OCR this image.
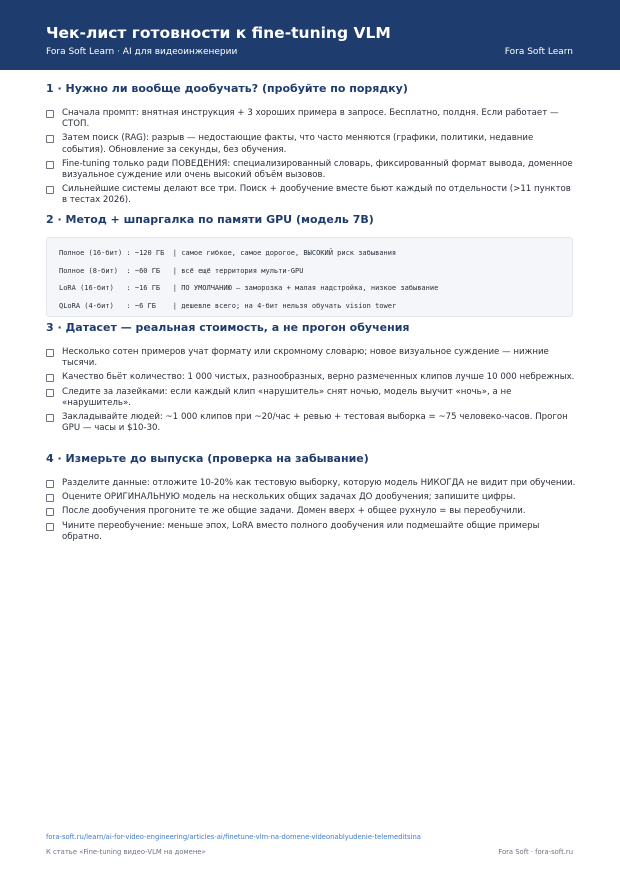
Чек-лист готовности к fine-tuning VLM
Fora Soft Learn · AI для видеоинженерии	Fora Soft Learn
1 · Нужно ли вообще дообучать? (пробуйте по порядку)
Сначала промпт: внятная инструкция + 3 хороших примера в запросе. Бесплатно, полдня. Если работает — СТОП.
Затем поиск (RAG): разрыв — недостающие факты, что часто меняются (графики, политики, недавние события). Обновление за секунды, без обучения.
Fine-tuning только ради ПОВЕДЕНИЯ: специализированный словарь, фиксированный формат вывода, доменное визуальное суждение или очень высокий объём вызовов.
Сильнейшие системы делают все три. Поиск + дообучение вместе бьют каждый по отдельности (>11 пунктов в тестах 2026).
2 · Метод + шпаргалка по памяти GPU (модель 7B)
Полное (16-бит) : ~120 ГБ  | самое гибкое, самое дорогое, ВЫСОКИЙ риск забывания
Полное (8-бит)  : ~60 ГБ   | всё ещё территория мульти-GPU
LoRA (16-бит)   : ~16 ГБ   | ПО УМОЛЧАНИЮ — заморозка + малая надстройка, низкое забывание
QLoRA (4-бит)   : ~6 ГБ    | дешевле всего; на 4-бит нельзя обучать vision tower
3 · Датасет — реальная стоимость, а не прогон обучения
Несколько сотен примеров учат формату или скромному словарю; новое визуальное суждение — нижние тысячи.
Качество бьёт количество: 1 000 чистых, разнообразных, верно размеченных клипов лучше 10 000 небрежных.
Следите за лазейками: если каждый клип «нарушитель» снят ночью, модель выучит «ночь», а не «нарушитель».
Закладывайте людей: ~1 000 клипов при ~20/час + ревью + тестовая выборка = ~75 человеко-часов. Прогон GPU — часы и $10-30.
4 · Измерьте до выпуска (проверка на забывание)
Разделите данные: отложите 10-20% как тестовую выборку, которую модель НИКОГДА не видит при обучении.
Оцените ОРИГИНАЛЬНУЮ модель на нескольких общих задачах ДО дообучения; запишите цифры.
После дообучения прогоните те же общие задачи. Домен вверх + общее рухнуло = вы переобучили.
Чините переобучение: меньше эпох, LoRA вместо полного дообучения или подмешайте общие примеры обратно.
fora-soft.ru/learn/ai-for-video-engineering/articles-ai/finetune-vlm-na-domene-videonablyudenie-telemeditsina
К статье «Fine-tuning видео-VLM на домене»	Fora Soft · fora-soft.ru
